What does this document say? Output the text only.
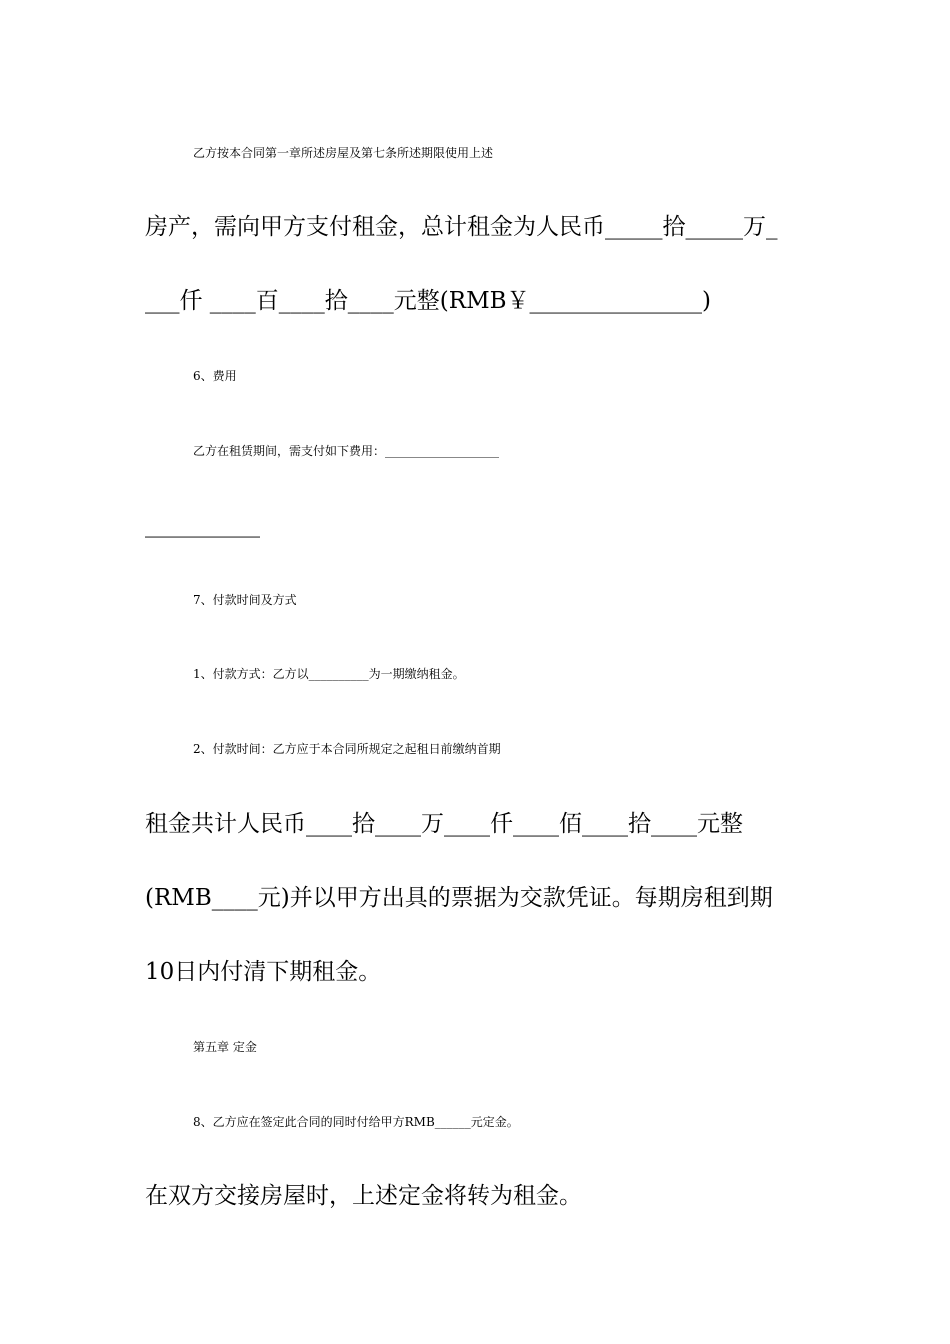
乙方按本合同第一章所述房屋及第七条所述期限使用上述
房产，需向甲方支付租金，总计租金为人民币_____拾_____万_
___仟 ____百____拾____元整(RMB￥_______________)
6、费用
乙方在租赁期间，需支付如下费用：___________________
__________
7、付款时间及方式
1、付款方式：乙方以__________为一期缴纳租金。
2、付款时间：乙方应于本合同所规定之起租日前缴纳首期
租金共计人民币____拾____万____仟____佰____拾____元整
(RMB____元)并以甲方出具的票据为交款凭证。每期房租到期
10日内付清下期租金。
第五章 定金
8、乙方应在签定此合同的同时付给甲方RMB______元定金。
在双方交接房屋时，上述定金将转为租金。
